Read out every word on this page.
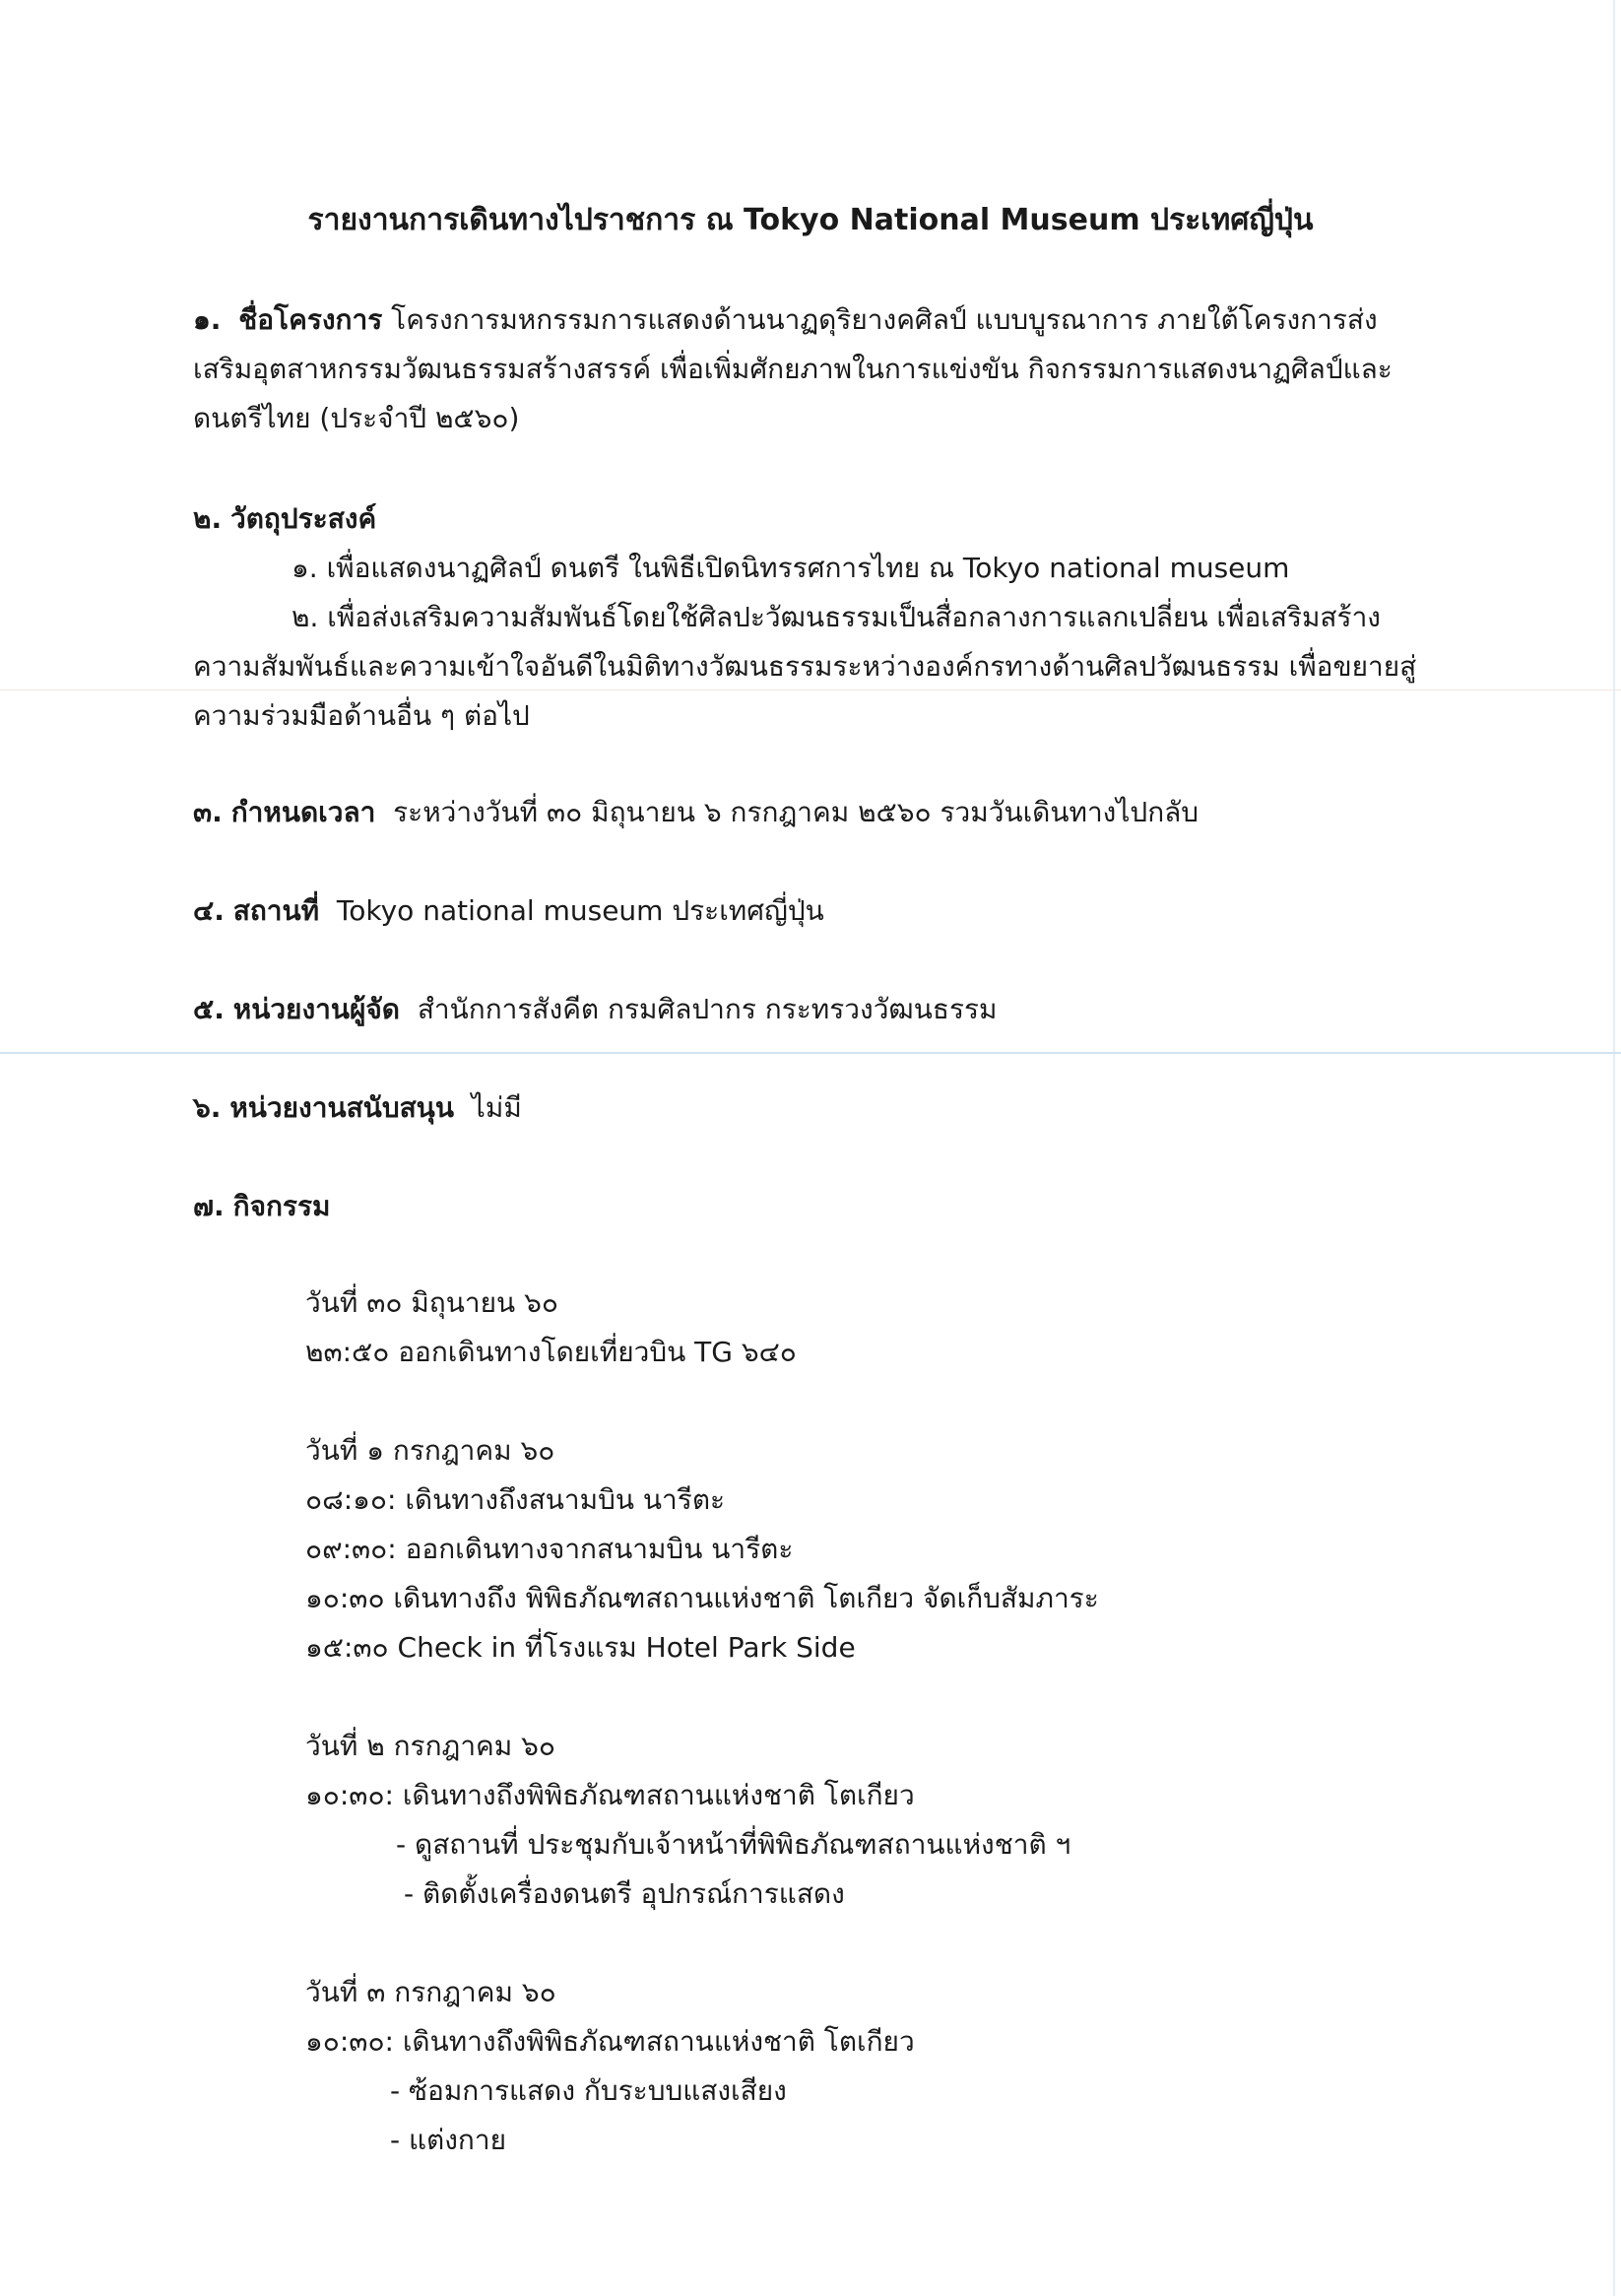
รายงานการเดินทางไปราชการ ณ Tokyo National Museum ประเทศญี่ปุ่น
๑. ชื่อโครงการ โครงการมหกรรมการแสดงด้านนาฏดุริยางคศิลป์ แบบบูรณาการ ภายใต้โครงการส่งเสริมอุตสาหกรรมวัฒนธรรมสร้างสรรค์ เพื่อเพิ่มศักยภาพในการแข่งขัน กิจกรรมการแสดงนาฏศิลป์และดนตรีไทย (ประจำปี ๒๕๖๐)
๒. วัตถุประสงค์
๑. เพื่อแสดงนาฏศิลป์ ดนตรี ในพิธีเปิดนิทรรศการไทย ณ Tokyo national museum
๒. เพื่อส่งเสริมความสัมพันธ์โดยใช้ศิลปะวัฒนธรรมเป็นสื่อกลางการแลกเปลี่ยน เพื่อเสริมสร้างความสัมพันธ์และความเข้าใจอันดีในมิติทางวัฒนธรรมระหว่างองค์กรทางด้านศิลปวัฒนธรรม เพื่อขยายสู่ความร่วมมือด้านอื่น ๆ ต่อไป
๓. กำหนดเวลา ระหว่างวันที่ ๓๐ มิถุนายน ๖ กรกฎาคม ๒๕๖๐ รวมวันเดินทางไปกลับ
๔. สถานที่ Tokyo national museum ประเทศญี่ปุ่น
๕. หน่วยงานผู้จัด สำนักการสังคีต กรมศิลปากร กระทรวงวัฒนธรรม
๖. หน่วยงานสนับสนุน ไม่มี
๗. กิจกรรม
วันที่ ๓๐ มิถุนายน ๖๐
๒๓:๕๐ ออกเดินทางโดยเที่ยวบิน TG ๖๔๐
วันที่ ๑ กรกฎาคม ๖๐
๐๘:๑๐: เดินทางถึงสนามบิน นารีตะ
๐๙:๓๐: ออกเดินทางจากสนามบิน นารีตะ
๑๐:๓๐ เดินทางถึง พิพิธภัณฑสถานแห่งชาติ โตเกียว จัดเก็บสัมภาระ
๑๕:๓๐ Check in ที่โรงแรม Hotel Park Side
วันที่ ๒ กรกฎาคม ๖๐
๑๐:๓๐: เดินทางถึงพิพิธภัณฑสถานแห่งชาติ โตเกียว
- ดูสถานที่ ประชุมกับเจ้าหน้าที่พิพิธภัณฑสถานแห่งชาติ ฯ
- ติดตั้งเครื่องดนตรี อุปกรณ์การแสดง
วันที่ ๓ กรกฎาคม ๖๐
๑๐:๓๐: เดินทางถึงพิพิธภัณฑสถานแห่งชาติ โตเกียว
- ซ้อมการแสดง กับระบบแสงเสียง
- แต่งกาย
